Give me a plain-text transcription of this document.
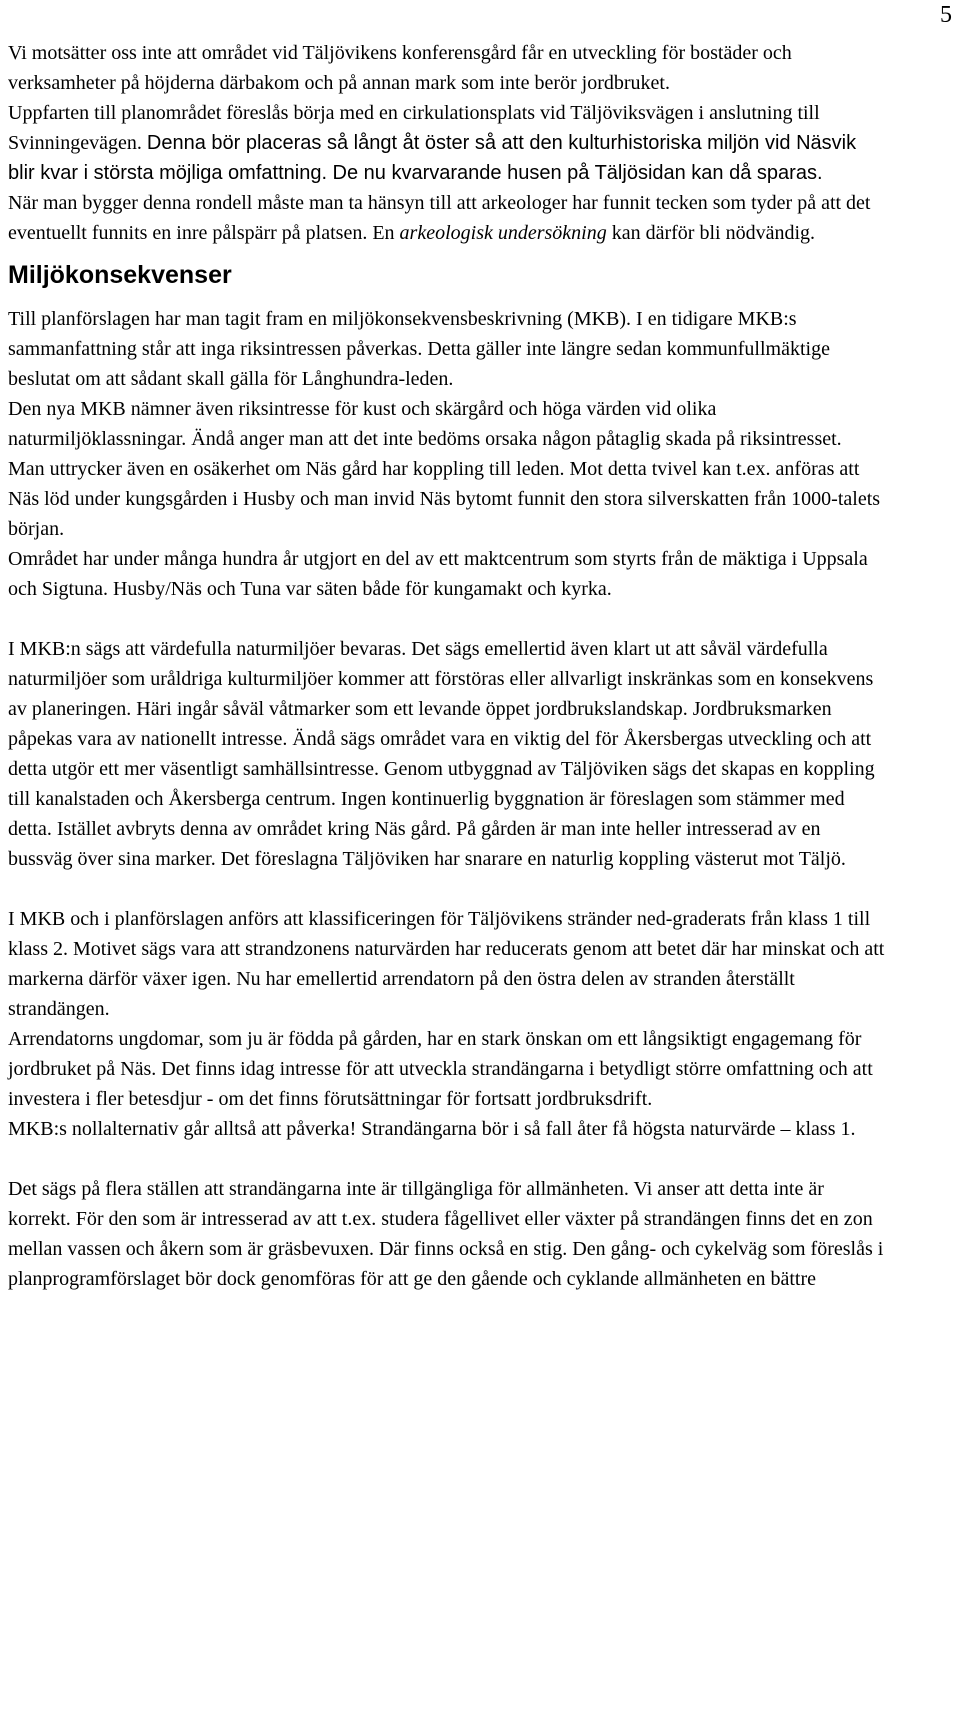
5

Vi motsätter oss inte att området vid Täljövikens konferensgård får en utveckling för bostäder och verksamheter på höjderna därbakom och på annan mark som inte berör jordbruket.

Uppfarten till planområdet föreslås börja med en cirkulationsplats vid Täljöviksvägen i anslutning till Svinningevägen. Denna bör placeras så långt åt öster så att den kulturhistoriska miljön vid Näsvik blir kvar i största möjliga omfattning. De nu kvarvarande husen på Täljösidan kan då sparas.

När man bygger denna rondell måste man ta hänsyn till att arkeologer har funnit tecken som tyder på att det eventuellt funnits en inre pålspärr på platsen. En arkeologisk undersökning kan därför bli nödvändig.

Miljökonsekvenser

Till planförslagen har man tagit fram en miljökonsekvensbeskrivning (MKB). I en tidigare MKB:s sammanfattning står att inga riksintressen påverkas. Detta gäller inte längre sedan kommunfullmäktige beslutat om att sådant skall gälla för Långhundra-leden.

Den nya MKB nämner även riksintresse för kust och skärgård och höga värden vid olika naturmiljöklassningar. Ändå anger man att det inte bedöms orsaka någon påtaglig skada på riksintresset.

Man uttrycker även en osäkerhet om Näs gård har koppling till leden. Mot detta tvivel kan t.ex. anföras att Näs löd under kungsgården i Husby och man invid Näs bytomt funnit den stora silverskatten från 1000-talets början.

Området har under många hundra år utgjort en del av ett maktcentrum som styrts från de mäktiga i Uppsala och Sigtuna. Husby/Näs och Tuna var säten både för kungamakt och kyrka.

I MKB:n sägs att värdefulla naturmiljöer bevaras. Det sägs emellertid även klart ut att såväl värdefulla naturmiljöer som uråldriga kulturmiljöer kommer att förstöras eller allvarligt inskränkas som en konsekvens av planeringen. Häri ingår såväl våtmarker som ett levande öppet jordbrukslandskap. Jordbruksmarken påpekas vara av nationellt intresse. Ändå sägs området vara en viktig del för Åkersbergas utveckling och att detta utgör ett mer väsentligt samhällsintresse. Genom utbyggnad av Täljöviken sägs det skapas en koppling till kanalstaden och Åkersberga centrum. Ingen kontinuerlig byggnation är föreslagen som stämmer med detta. Istället avbryts denna av området kring Näs gård. På gården är man inte heller intresserad av en bussväg över sina marker. Det föreslagna Täljöviken har snarare en naturlig koppling västerut mot Täljö.

I MKB och i planförslagen anförs att klassificeringen för Täljövikens stränder ned-graderats från klass 1 till klass 2. Motivet sägs vara att strandzonens naturvärden har reducerats genom att betet där har minskat och att markerna därför växer igen. Nu har emellertid arrendatorn på den östra delen av stranden återställt strandängen.

Arrendatorns ungdomar, som ju är födda på gården, har en stark önskan om ett långsiktigt engagemang för jordbruket på Näs. Det finns idag intresse för att utveckla strandängarna i betydligt större omfattning och att investera i fler betesdjur - om det finns förutsättningar för fortsatt jordbruksdrift.

MKB:s nollalternativ går alltså att påverka! Strandängarna bör i så fall åter få högsta naturvärde – klass 1.

Det sägs på flera ställen att strandängarna inte är tillgängliga för allmänheten. Vi anser att detta inte är korrekt. För den som är intresserad av att t.ex. studera fågellivet eller växter på strandängen finns det en zon mellan vassen och åkern som är gräsbevuxen. Där finns också en stig. Den gång- och cykelväg som föreslås i planprogramförslaget bör dock genomföras för att ge den gående och cyklande allmänheten en bättre
